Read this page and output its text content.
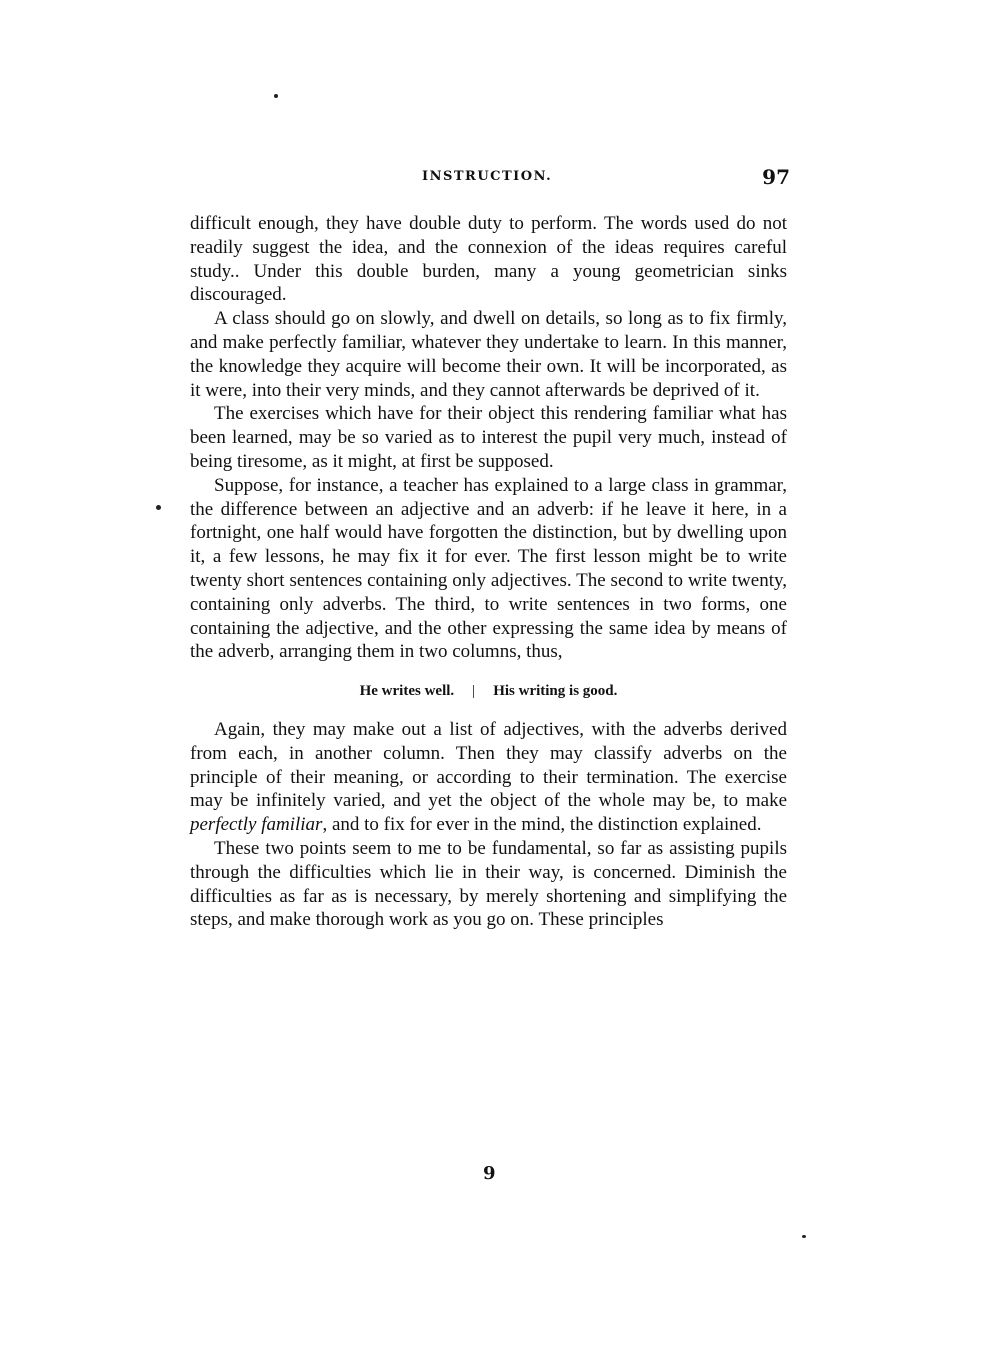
INSTRUCTION.	97

difficult enough, they have double duty to perform. The words used do not readily suggest the idea, and the connexion of the ideas requires careful study.. Under this double burden, many a young geometrician sinks discouraged.

A class should go on slowly, and dwell on details, so long as to fix firmly, and make perfectly familiar, whatever they undertake to learn. In this manner, the knowledge they acquire will become their own. It will be incorporated, as it were, into their very minds, and they cannot afterwards be deprived of it.

The exercises which have for their object this rendering familiar what has been learned, may be so varied as to interest the pupil very much, instead of being tiresome, as it might, at first be supposed.

Suppose, for instance, a teacher has explained to a large class in grammar, the difference between an adjective and an adverb: if he leave it here, in a fortnight, one half would have forgotten the distinction, but by dwelling upon it, a few lessons, he may fix it for ever. The first lesson might be to write twenty short sentences containing only adjectives. The second to write twenty, containing only adverbs. The third, to write sentences in two forms, one containing the adjective, and the other expressing the same idea by means of the adverb, arranging them in two columns, thus,

He writes well. | His writing is good.

Again, they may make out a list of adjectives, with the adverbs derived from each, in another column. Then they may classify adverbs on the principle of their meaning, or according to their termination. The exercise may be infinitely varied, and yet the object of the whole may be, to make perfectly familiar, and to fix for ever in the mind, the distinction explained.

These two points seem to me to be fundamental, so far as assisting pupils through the difficulties which lie in their way, is concerned. Diminish the difficulties as far as is necessary, by merely shortening and simplifying the steps, and make thorough work as you go on. These principles

9
